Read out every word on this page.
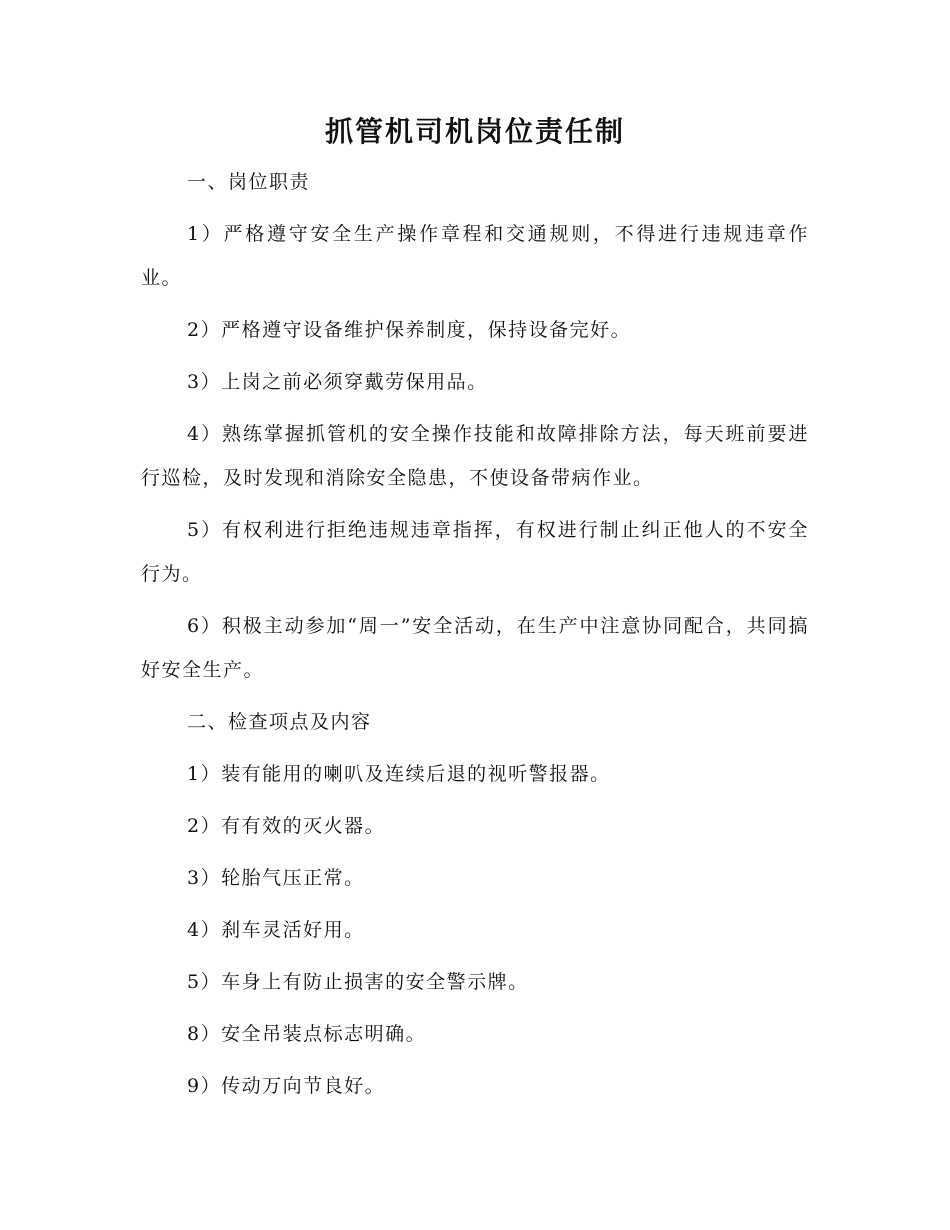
抓管机司机岗位责任制

一、岗位职责

1）严格遵守安全生产操作章程和交通规则，不得进行违规违章作业。

2）严格遵守设备维护保养制度，保持设备完好。

3）上岗之前必须穿戴劳保用品。

4）熟练掌握抓管机的安全操作技能和故障排除方法，每天班前要进行巡检，及时发现和消除安全隐患，不使设备带病作业。

5）有权利进行拒绝违规违章指挥，有权进行制止纠正他人的不安全行为。

6）积极主动参加“周一”安全活动，在生产中注意协同配合，共同搞好安全生产。

二、检查项点及内容

1）装有能用的喇叭及连续后退的视听警报器。

2）有有效的灭火器。

3）轮胎气压正常。

4）刹车灵活好用。

5）车身上有防止损害的安全警示牌。

8）安全吊装点标志明确。

9）传动万向节良好。
